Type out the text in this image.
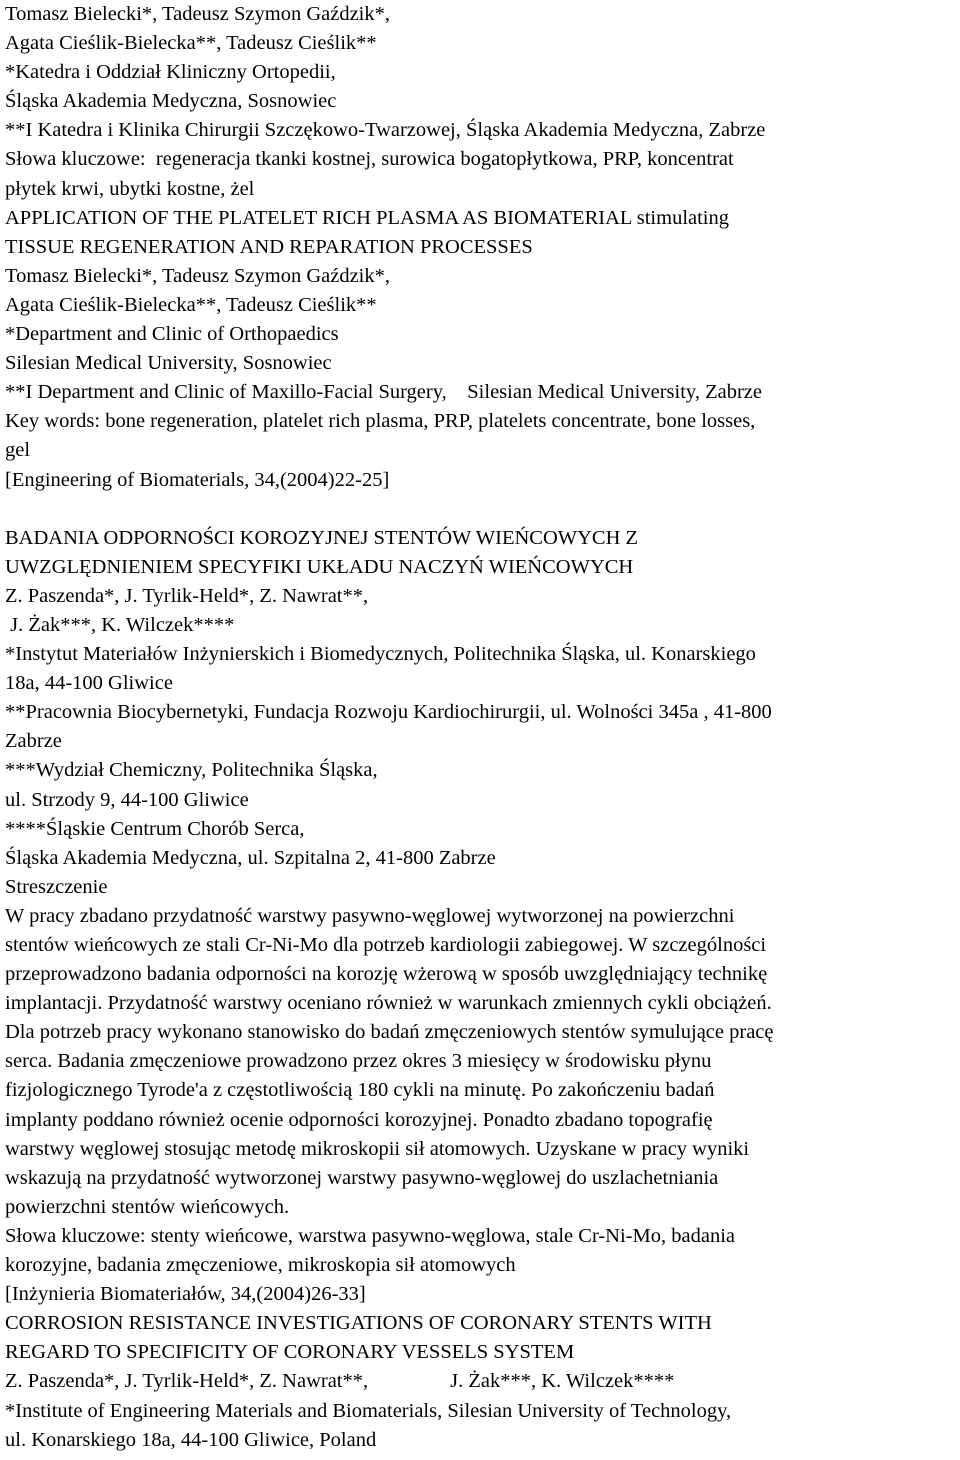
Tomasz Bielecki*, Tadeusz Szymon Gaździk*,
Agata Cieślik-Bielecka**, Tadeusz Cieślik**
*Katedra i Oddział Kliniczny Ortopedii,
Śląska Akademia Medyczna, Sosnowiec
**I Katedra i Klinika Chirurgii Szczękowo-Twarzowej, Śląska Akademia Medyczna, Zabrze
Słowa kluczowe:  regeneracja tkanki kostnej, surowica bogatopłytkowa, PRP, koncentrat
płytek krwi, ubytki kostne, żel
APPLICATION OF THE PLATELET RICH PLASMA AS BIOMATERIAL stimulating
TISSUE REGENERATION AND REPARATION PROCESSES
Tomasz Bielecki*, Tadeusz Szymon Gaździk*,
Agata Cieślik-Bielecka**, Tadeusz Cieślik**
*Department and Clinic of Orthopaedics
Silesian Medical University, Sosnowiec
**I Department and Clinic of Maxillo-Facial Surgery,    Silesian Medical University, Zabrze
Key words: bone regeneration, platelet rich plasma, PRP, platelets concentrate, bone losses,
gel
[Engineering of Biomaterials, 34,(2004)22-25]
BADANIA ODPORNOŚCI KOROZYJNEJ STENTÓW WIEŃCOWYCH Z
UWZGLĘDNIENIEM SPECYFIKI UKŁADU NACZYŃ WIEŃCOWYCH
Z. Paszenda*, J. Tyrlik-Held*, Z. Nawrat**,
J. Żak***, K. Wilczek****
*Instytut Materiałów Inżynierskich i Biomedycznych, Politechnika Śląska, ul. Konarskiego
18a, 44-100 Gliwice
**Pracownia Biocybernetyki, Fundacja Rozwoju Kardiochirurgii, ul. Wolności 345a , 41-800
Zabrze
***Wydział Chemiczny, Politechnika Śląska,
ul. Strzody 9, 44-100 Gliwice
****Śląskie Centrum Chorób Serca,
Śląska Akademia Medyczna, ul. Szpitalna 2, 41-800 Zabrze
Streszczenie
W pracy zbadano przydatność warstwy pasywno-węglowej wytworzonej na powierzchni
stentów wieńcowych ze stali Cr-Ni-Mo dla potrzeb kardiologii zabiegowej. W szczególności
przeprowadzono badania odporności na korozję wżerową w sposób uwzględniający technikę
implantacji. Przydatność warstwy oceniano również w warunkach zmiennych cykli obciążeń.
Dla potrzeb pracy wykonano stanowisko do badań zmęczeniowych stentów symulujące pracę
serca. Badania zmęczeniowe prowadzono przez okres 3 miesięcy w środowisku płynu
fizjologicznego Tyrode'a z częstotliwością 180 cykli na minutę. Po zakończeniu badań
implanty poddano również ocenie odporności korozyjnej. Ponadto zbadano topografię
warstwy węglowej stosując metodę mikroskopii sił atomowych. Uzyskane w pracy wyniki
wskazują na przydatność wytworzonej warstwy pasywno-węglowej do uszlachetniania
powierzchni stentów wieńcowych.
Słowa kluczowe: stenty wieńcowe, warstwa pasywno-węglowa, stale Cr-Ni-Mo, badania
korozyjne, badania zmęczeniowe, mikroskopia sił atomowych
[Inżynieria Biomateriałów, 34,(2004)26-33]
CORROSION RESISTANCE INVESTIGATIONS OF CORONARY STENTS WITH
REGARD TO SPECIFICITY OF CORONARY VESSELS SYSTEM
Z. Paszenda*, J. Tyrlik-Held*, Z. Nawrat**,                J. Żak***, K. Wilczek****
*Institute of Engineering Materials and Biomaterials, Silesian University of Technology,
ul. Konarskiego 18a, 44-100 Gliwice, Poland
